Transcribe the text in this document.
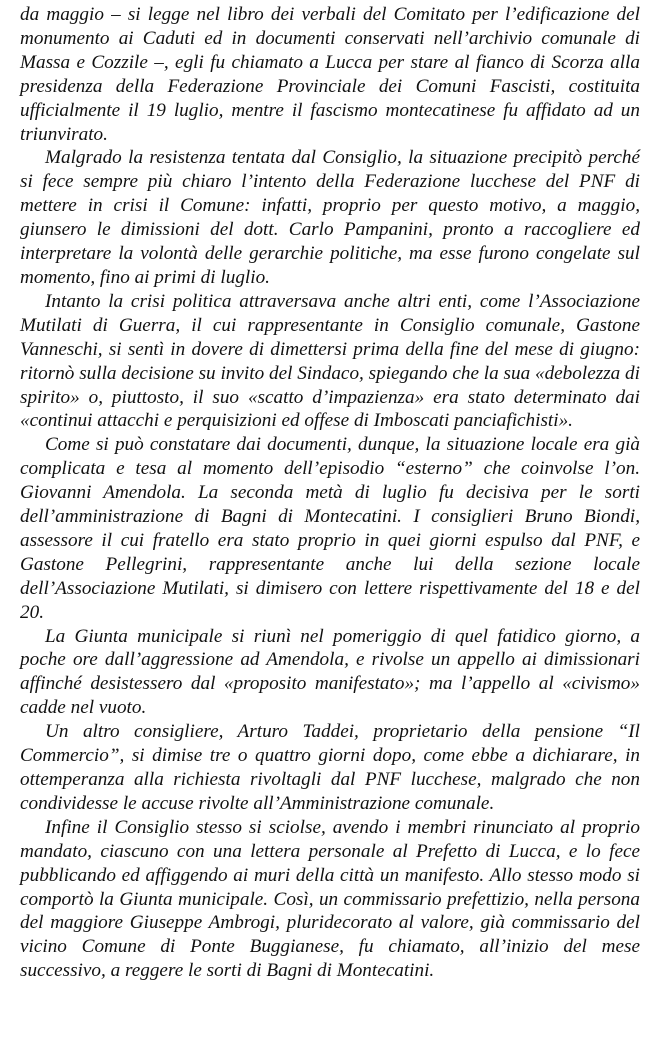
da maggio – si legge nel libro dei verbali del Comitato per l’edificazione del monumento ai Caduti ed in documenti conservati nell’archivio comunale di Massa e Cozzile –, egli fu chiamato a Lucca per stare al fianco di Scorza alla presidenza della Federazione Provinciale dei Comuni Fascisti, costituita ufficialmente il 19 luglio, mentre il fascismo montecatinese fu affidato ad un triunvirato.

Malgrado la resistenza tentata dal Consiglio, la situazione precipitò perché si fece sempre più chiaro l’intento della Federazione lucchese del PNF di mettere in crisi il Comune: infatti, proprio per questo motivo, a maggio, giunsero le dimissioni del dott. Carlo Pampanini, pronto a raccogliere ed interpretare la volontà delle gerarchie politiche, ma esse furono congelate sul momento, fino ai primi di luglio.

Intanto la crisi politica attraversava anche altri enti, come l’Associazione Mutilati di Guerra, il cui rappresentante in Consiglio comunale, Gastone Vanneschi, si sentì in dovere di dimettersi prima della fine del mese di giugno: ritornò sulla decisione su invito del Sindaco, spiegando che la sua «debolezza di spirito» o, piuttosto, il suo «scatto d’impazienza» era stato determinato dai «continui attacchi e perquisizioni ed offese di Imboscati panciafichisti».

Come si può constatare dai documenti, dunque, la situazione locale era già complicata e tesa al momento dell’episodio “esterno” che coinvolse l’on. Giovanni Amendola. La seconda metà di luglio fu decisiva per le sorti dell’amministrazione di Bagni di Montecatini. I consiglieri Bruno Biondi, assessore il cui fratello era stato proprio in quei giorni espulso dal PNF, e Gastone Pellegrini, rappresentante anche lui della sezione locale dell’Associazione Mutilati, si dimisero con lettere rispettivamente del 18 e del 20.

La Giunta municipale si riunì nel pomeriggio di quel fatidico giorno, a poche ore dall’aggressione ad Amendola, e rivolse un appello ai dimissionari affinché desistessero dal «proposito manifestato»; ma l’appello al «civismo» cadde nel vuoto.

Un altro consigliere, Arturo Taddei, proprietario della pensione “Il Commercio”, si dimise tre o quattro giorni dopo, come ebbe a dichiarare, in ottemperanza alla richiesta rivoltagli dal PNF lucchese, malgrado che non condividesse le accuse rivolte all’Amministrazione comunale.

Infine il Consiglio stesso si sciolse, avendo i membri rinunciato al proprio mandato, ciascuno con una lettera personale al Prefetto di Lucca, e lo fece pubblicando ed affiggendo ai muri della città un manifesto. Allo stesso modo si comportò la Giunta municipale. Così, un commissario prefettizio, nella persona del maggiore Giuseppe Ambrogi, pluridecorato al valore, già commissario del vicino Comune di Ponte Buggianese, fu chiamato, all’inizio del mese successivo, a reggere le sorti di Bagni di Montecatini.
